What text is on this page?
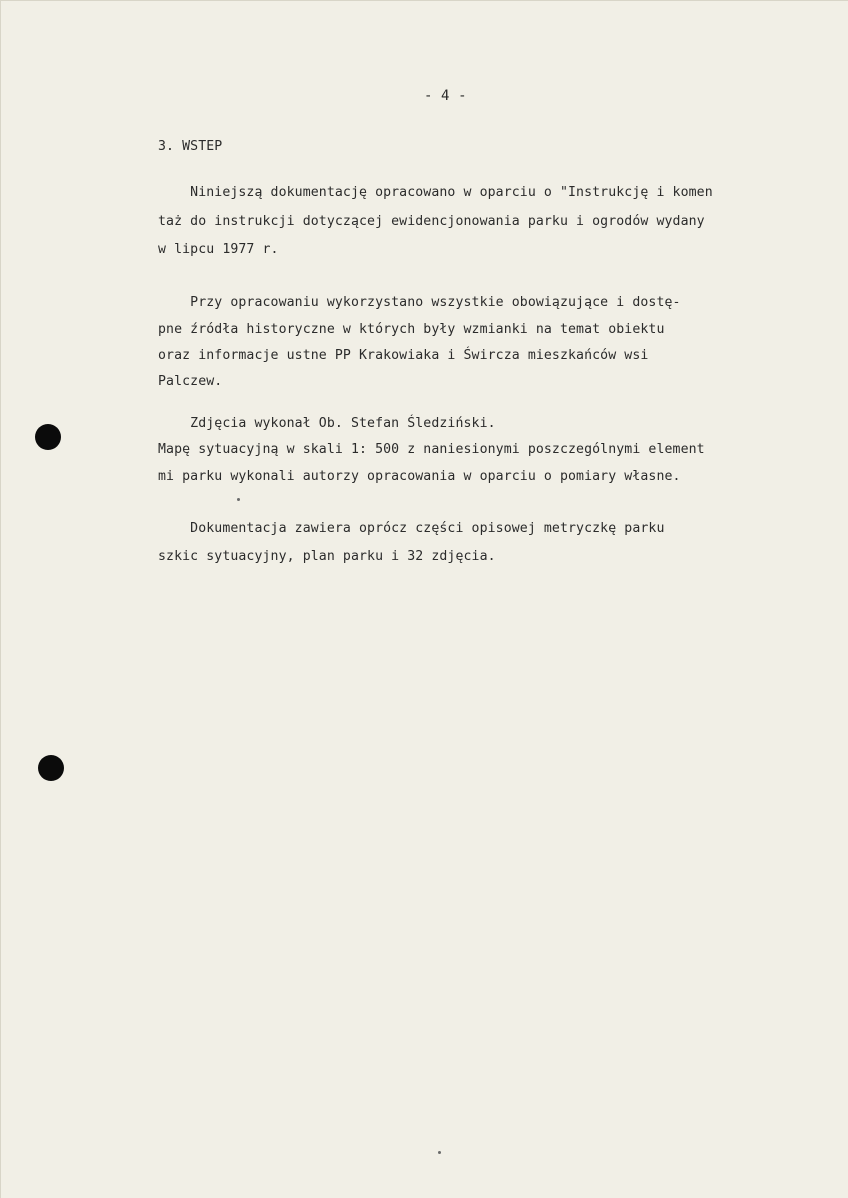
- 4 -
3. WSTEP
Niniejszą dokumentację opracowano w oparciu o "Instrukcję i komen
taż do instrukcji dotyczącej ewidencjonowania parku i ogrodów wydany
w lipcu 1977 r.
Przy opracowaniu wykorzystano wszystkie obowiązujące i dostę-
pne źródła historyczne w których były wzmianki na temat obiektu
oraz informacje ustne PP Krakowiaka i Śwircza mieszkańców wsi
Palczew.
Zdjęcia wykonał Ob. Stefan Śledziński.
Mapę sytuacyjną w skali 1: 500 z naniesionymi poszczególnymi element
mi parku wykonali autorzy opracowania w oparciu o pomiary własne.
Dokumentacja zawiera oprócz części opisowej metryczkę parku
szkic sytuacyjny, plan parku i 32 zdjęcia.
